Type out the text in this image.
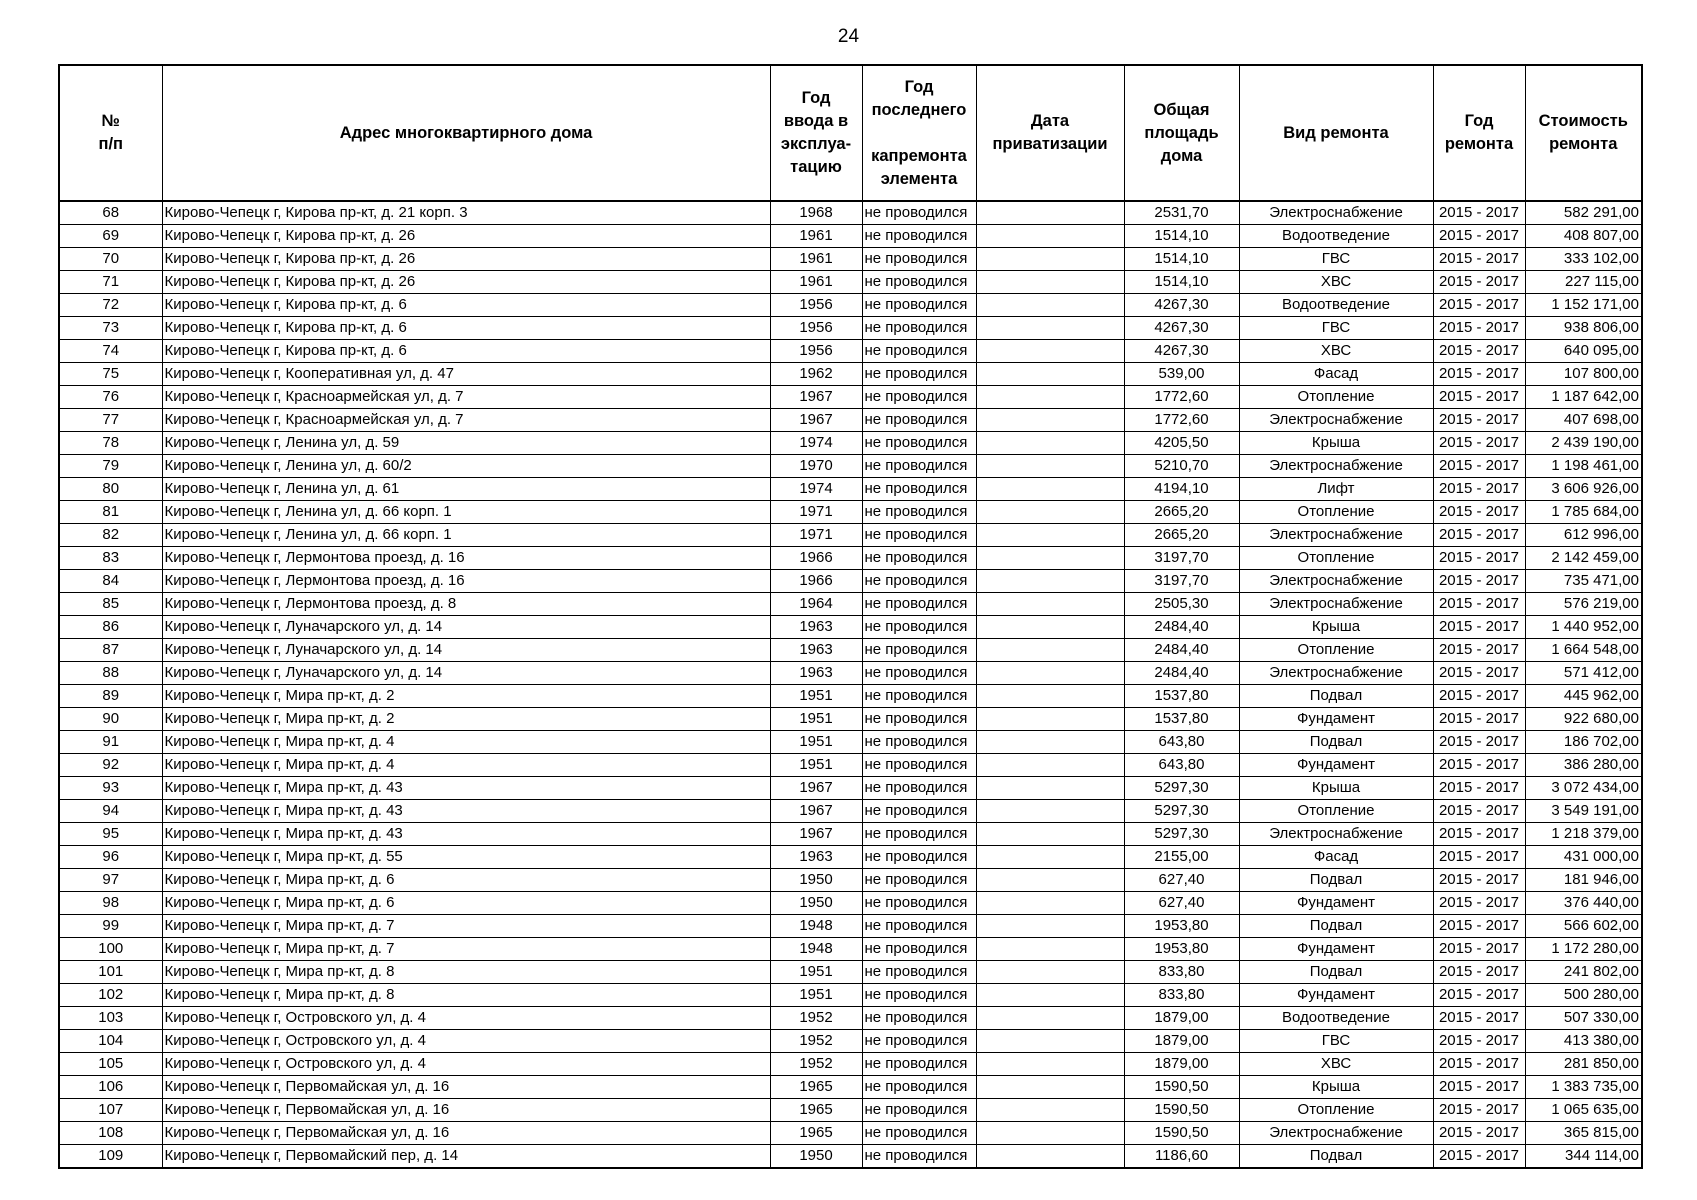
24
№
п/п	Адрес многоквартирного дома	Год
ввода в
эксплуа-
тацию	Год
последнего

капремонта
элемента	Дата
приватизации	Общая
площадь
дома	Вид ремонта	Год
ремонта	Стоимость
ремонта

68	Кирово-Чепецк г, Кирова пр-кт, д. 21 корп. 3	1968	не проводился		2531,70	Электроснабжение	2015 - 2017	582 291,00
69	Кирово-Чепецк г, Кирова пр-кт, д. 26	1961	не проводился		1514,10	Водоотведение	2015 - 2017	408 807,00
70	Кирово-Чепецк г, Кирова пр-кт, д. 26	1961	не проводился		1514,10	ГВС	2015 - 2017	333 102,00
71	Кирово-Чепецк г, Кирова пр-кт, д. 26	1961	не проводился		1514,10	ХВС	2015 - 2017	227 115,00
72	Кирово-Чепецк г, Кирова пр-кт, д. 6	1956	не проводился		4267,30	Водоотведение	2015 - 2017	1 152 171,00
73	Кирово-Чепецк г, Кирова пр-кт, д. 6	1956	не проводился		4267,30	ГВС	2015 - 2017	938 806,00
74	Кирово-Чепецк г, Кирова пр-кт, д. 6	1956	не проводился		4267,30	ХВС	2015 - 2017	640 095,00
75	Кирово-Чепецк г, Кооперативная ул, д. 47	1962	не проводился		539,00	Фасад	2015 - 2017	107 800,00
76	Кирово-Чепецк г, Красноармейская ул, д. 7	1967	не проводился		1772,60	Отопление	2015 - 2017	1 187 642,00
77	Кирово-Чепецк г, Красноармейская ул, д. 7	1967	не проводился		1772,60	Электроснабжение	2015 - 2017	407 698,00
78	Кирово-Чепецк г, Ленина ул, д. 59	1974	не проводился		4205,50	Крыша	2015 - 2017	2 439 190,00
79	Кирово-Чепецк г, Ленина ул, д. 60/2	1970	не проводился		5210,70	Электроснабжение	2015 - 2017	1 198 461,00
80	Кирово-Чепецк г, Ленина ул, д. 61	1974	не проводился		4194,10	Лифт	2015 - 2017	3 606 926,00
81	Кирово-Чепецк г, Ленина ул, д. 66 корп. 1	1971	не проводился		2665,20	Отопление	2015 - 2017	1 785 684,00
82	Кирово-Чепецк г, Ленина ул, д. 66 корп. 1	1971	не проводился		2665,20	Электроснабжение	2015 - 2017	612 996,00
83	Кирово-Чепецк г, Лермонтова проезд, д. 16	1966	не проводился		3197,70	Отопление	2015 - 2017	2 142 459,00
84	Кирово-Чепецк г, Лермонтова проезд, д. 16	1966	не проводился		3197,70	Электроснабжение	2015 - 2017	735 471,00
85	Кирово-Чепецк г, Лермонтова проезд, д. 8	1964	не проводился		2505,30	Электроснабжение	2015 - 2017	576 219,00
86	Кирово-Чепецк г, Луначарского ул, д. 14	1963	не проводился		2484,40	Крыша	2015 - 2017	1 440 952,00
87	Кирово-Чепецк г, Луначарского ул, д. 14	1963	не проводился		2484,40	Отопление	2015 - 2017	1 664 548,00
88	Кирово-Чепецк г, Луначарского ул, д. 14	1963	не проводился		2484,40	Электроснабжение	2015 - 2017	571 412,00
89	Кирово-Чепецк г, Мира пр-кт, д. 2	1951	не проводился		1537,80	Подвал	2015 - 2017	445 962,00
90	Кирово-Чепецк г, Мира пр-кт, д. 2	1951	не проводился		1537,80	Фундамент	2015 - 2017	922 680,00
91	Кирово-Чепецк г, Мира пр-кт, д. 4	1951	не проводился		643,80	Подвал	2015 - 2017	186 702,00
92	Кирово-Чепецк г, Мира пр-кт, д. 4	1951	не проводился		643,80	Фундамент	2015 - 2017	386 280,00
93	Кирово-Чепецк г, Мира пр-кт, д. 43	1967	не проводился		5297,30	Крыша	2015 - 2017	3 072 434,00
94	Кирово-Чепецк г, Мира пр-кт, д. 43	1967	не проводился		5297,30	Отопление	2015 - 2017	3 549 191,00
95	Кирово-Чепецк г, Мира пр-кт, д. 43	1967	не проводился		5297,30	Электроснабжение	2015 - 2017	1 218 379,00
96	Кирово-Чепецк г, Мира пр-кт, д. 55	1963	не проводился		2155,00	Фасад	2015 - 2017	431 000,00
97	Кирово-Чепецк г, Мира пр-кт, д. 6	1950	не проводился		627,40	Подвал	2015 - 2017	181 946,00
98	Кирово-Чепецк г, Мира пр-кт, д. 6	1950	не проводился		627,40	Фундамент	2015 - 2017	376 440,00
99	Кирово-Чепецк г, Мира пр-кт, д. 7	1948	не проводился		1953,80	Подвал	2015 - 2017	566 602,00
100	Кирово-Чепецк г, Мира пр-кт, д. 7	1948	не проводился		1953,80	Фундамент	2015 - 2017	1 172 280,00
101	Кирово-Чепецк г, Мира пр-кт, д. 8	1951	не проводился		833,80	Подвал	2015 - 2017	241 802,00
102	Кирово-Чепецк г, Мира пр-кт, д. 8	1951	не проводился		833,80	Фундамент	2015 - 2017	500 280,00
103	Кирово-Чепецк г, Островского ул, д. 4	1952	не проводился		1879,00	Водоотведение	2015 - 2017	507 330,00
104	Кирово-Чепецк г, Островского ул, д. 4	1952	не проводился		1879,00	ГВС	2015 - 2017	413 380,00
105	Кирово-Чепецк г, Островского ул, д. 4	1952	не проводился		1879,00	ХВС	2015 - 2017	281 850,00
106	Кирово-Чепецк г, Первомайская ул, д. 16	1965	не проводился		1590,50	Крыша	2015 - 2017	1 383 735,00
107	Кирово-Чепецк г, Первомайская ул, д. 16	1965	не проводился		1590,50	Отопление	2015 - 2017	1 065 635,00
108	Кирово-Чепецк г, Первомайская ул, д. 16	1965	не проводился		1590,50	Электроснабжение	2015 - 2017	365 815,00
109	Кирово-Чепецк г, Первомайский пер, д. 14	1950	не проводился		1186,60	Подвал	2015 - 2017	344 114,00
